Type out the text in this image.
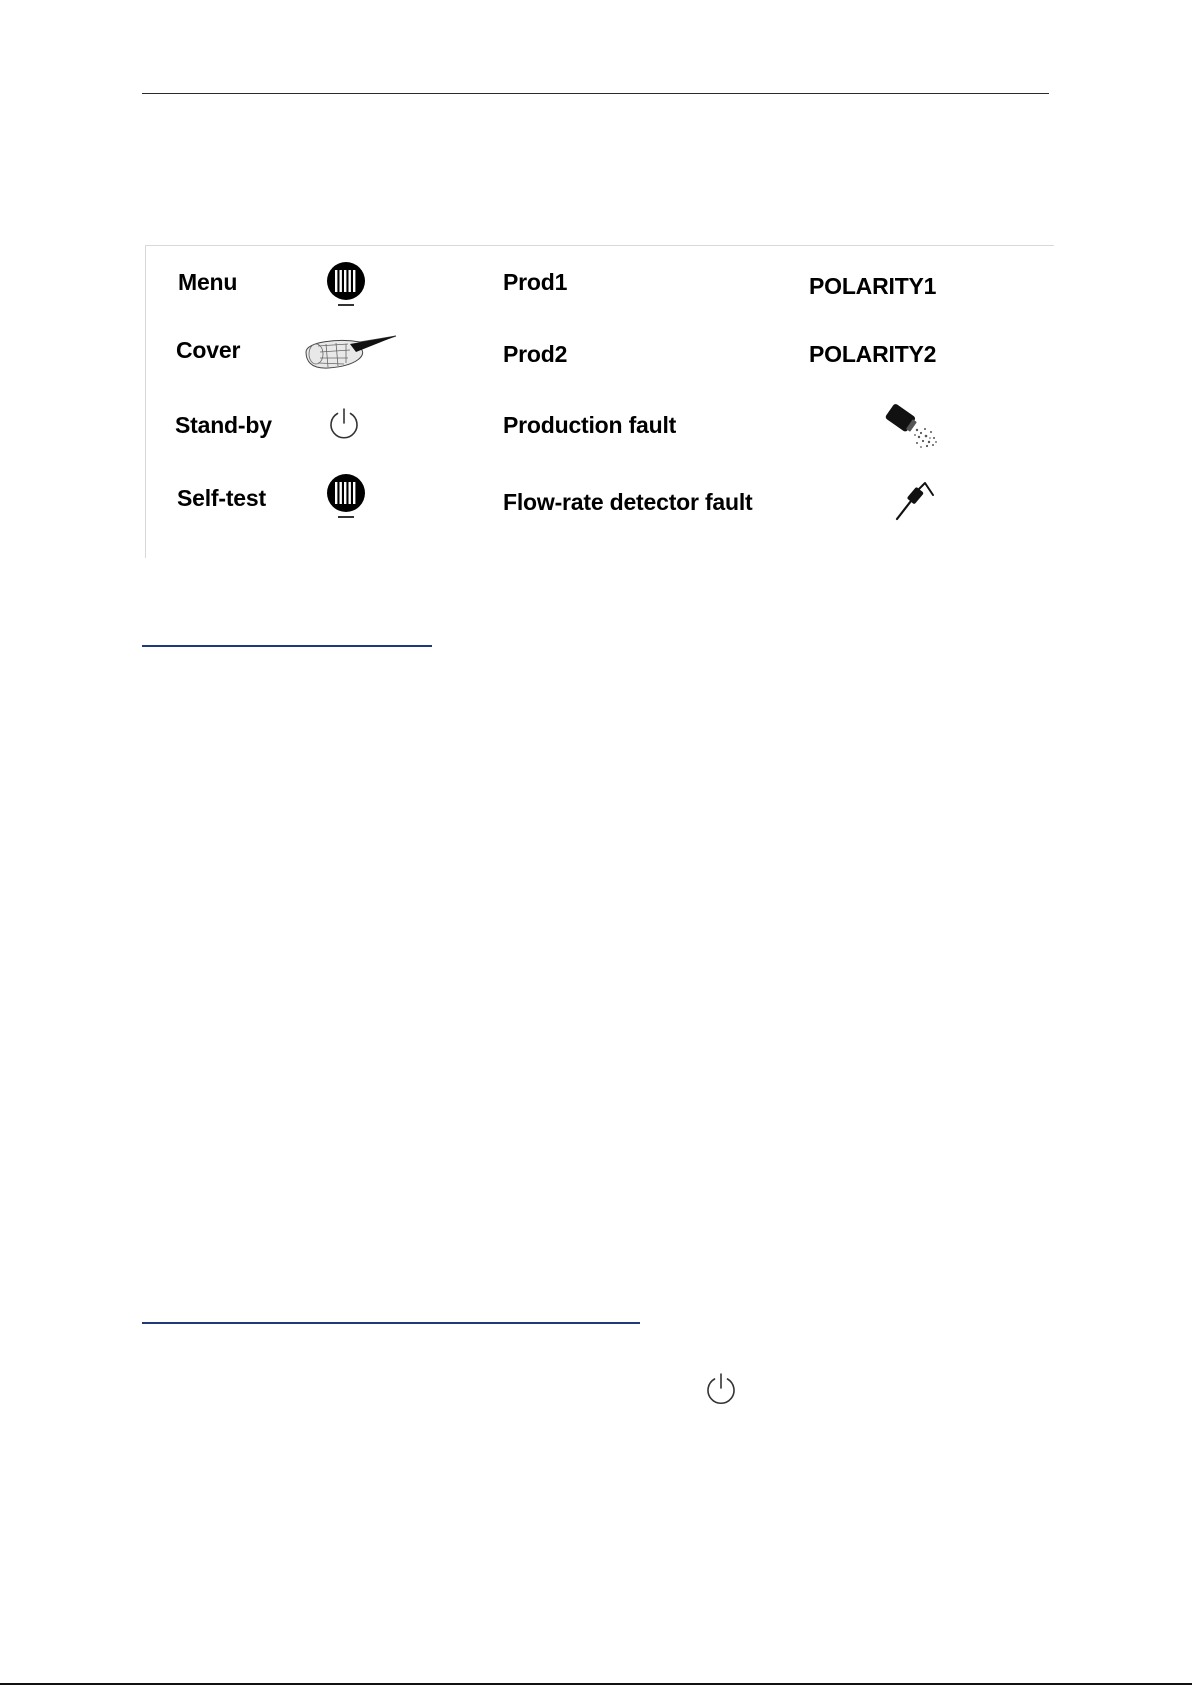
Menu
Cover
Stand-by
Self-test
Prod1	POLARITY1
Prod2	POLARITY2
Production fault
Flow-rate detector fault
